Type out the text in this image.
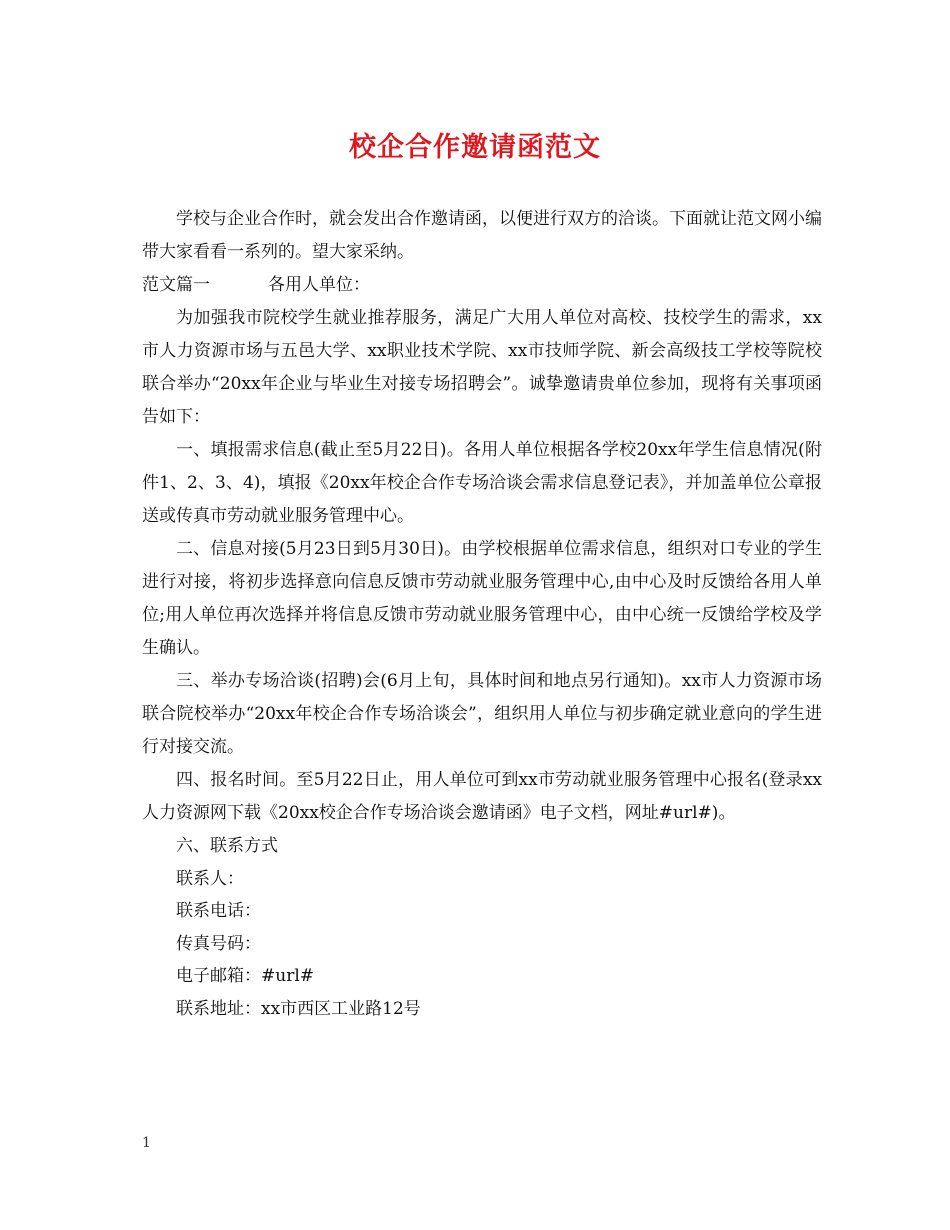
校企合作邀请函范文

学校与企业合作时，就会发出合作邀请函，以便进行双方的洽谈。下面就让范文网小编带大家看看一系列的。望大家采纳。

范文篇一	各用人单位：

为加强我市院校学生就业推荐服务，满足广大用人单位对高校、技校学生的需求，xx市人力资源市场与五邑大学、xx职业技术学院、xx市技师学院、新会高级技工学校等院校联合举办“20xx年企业与毕业生对接专场招聘会”。诚挚邀请贵单位参加，现将有关事项函告如下：

一、填报需求信息(截止至5月22日)。各用人单位根据各学校20xx年学生信息情况(附件1、2、3、4)，填报《20xx年校企合作专场洽谈会需求信息登记表》，并加盖单位公章报送或传真市劳动就业服务管理中心。

二、信息对接(5月23日到5月30日)。由学校根据单位需求信息，组织对口专业的学生进行对接，将初步选择意向信息反馈市劳动就业服务管理中心,由中心及时反馈给各用人单位;用人单位再次选择并将信息反馈市劳动就业服务管理中心，由中心统一反馈给学校及学生确认。

三、举办专场洽谈(招聘)会(6月上旬，具体时间和地点另行通知)。xx市人力资源市场联合院校举办“20xx年校企合作专场洽谈会”，组织用人单位与初步确定就业意向的学生进行对接交流。

四、报名时间。至5月22日止，用人单位可到xx市劳动就业服务管理中心报名(登录xx人力资源网下载《20xx校企合作专场洽谈会邀请函》电子文档，网址#url#)。

六、联系方式

联系人：

联系电话：

传真号码：

电子邮箱：#url#

联系地址：xx市西区工业路12号

1
